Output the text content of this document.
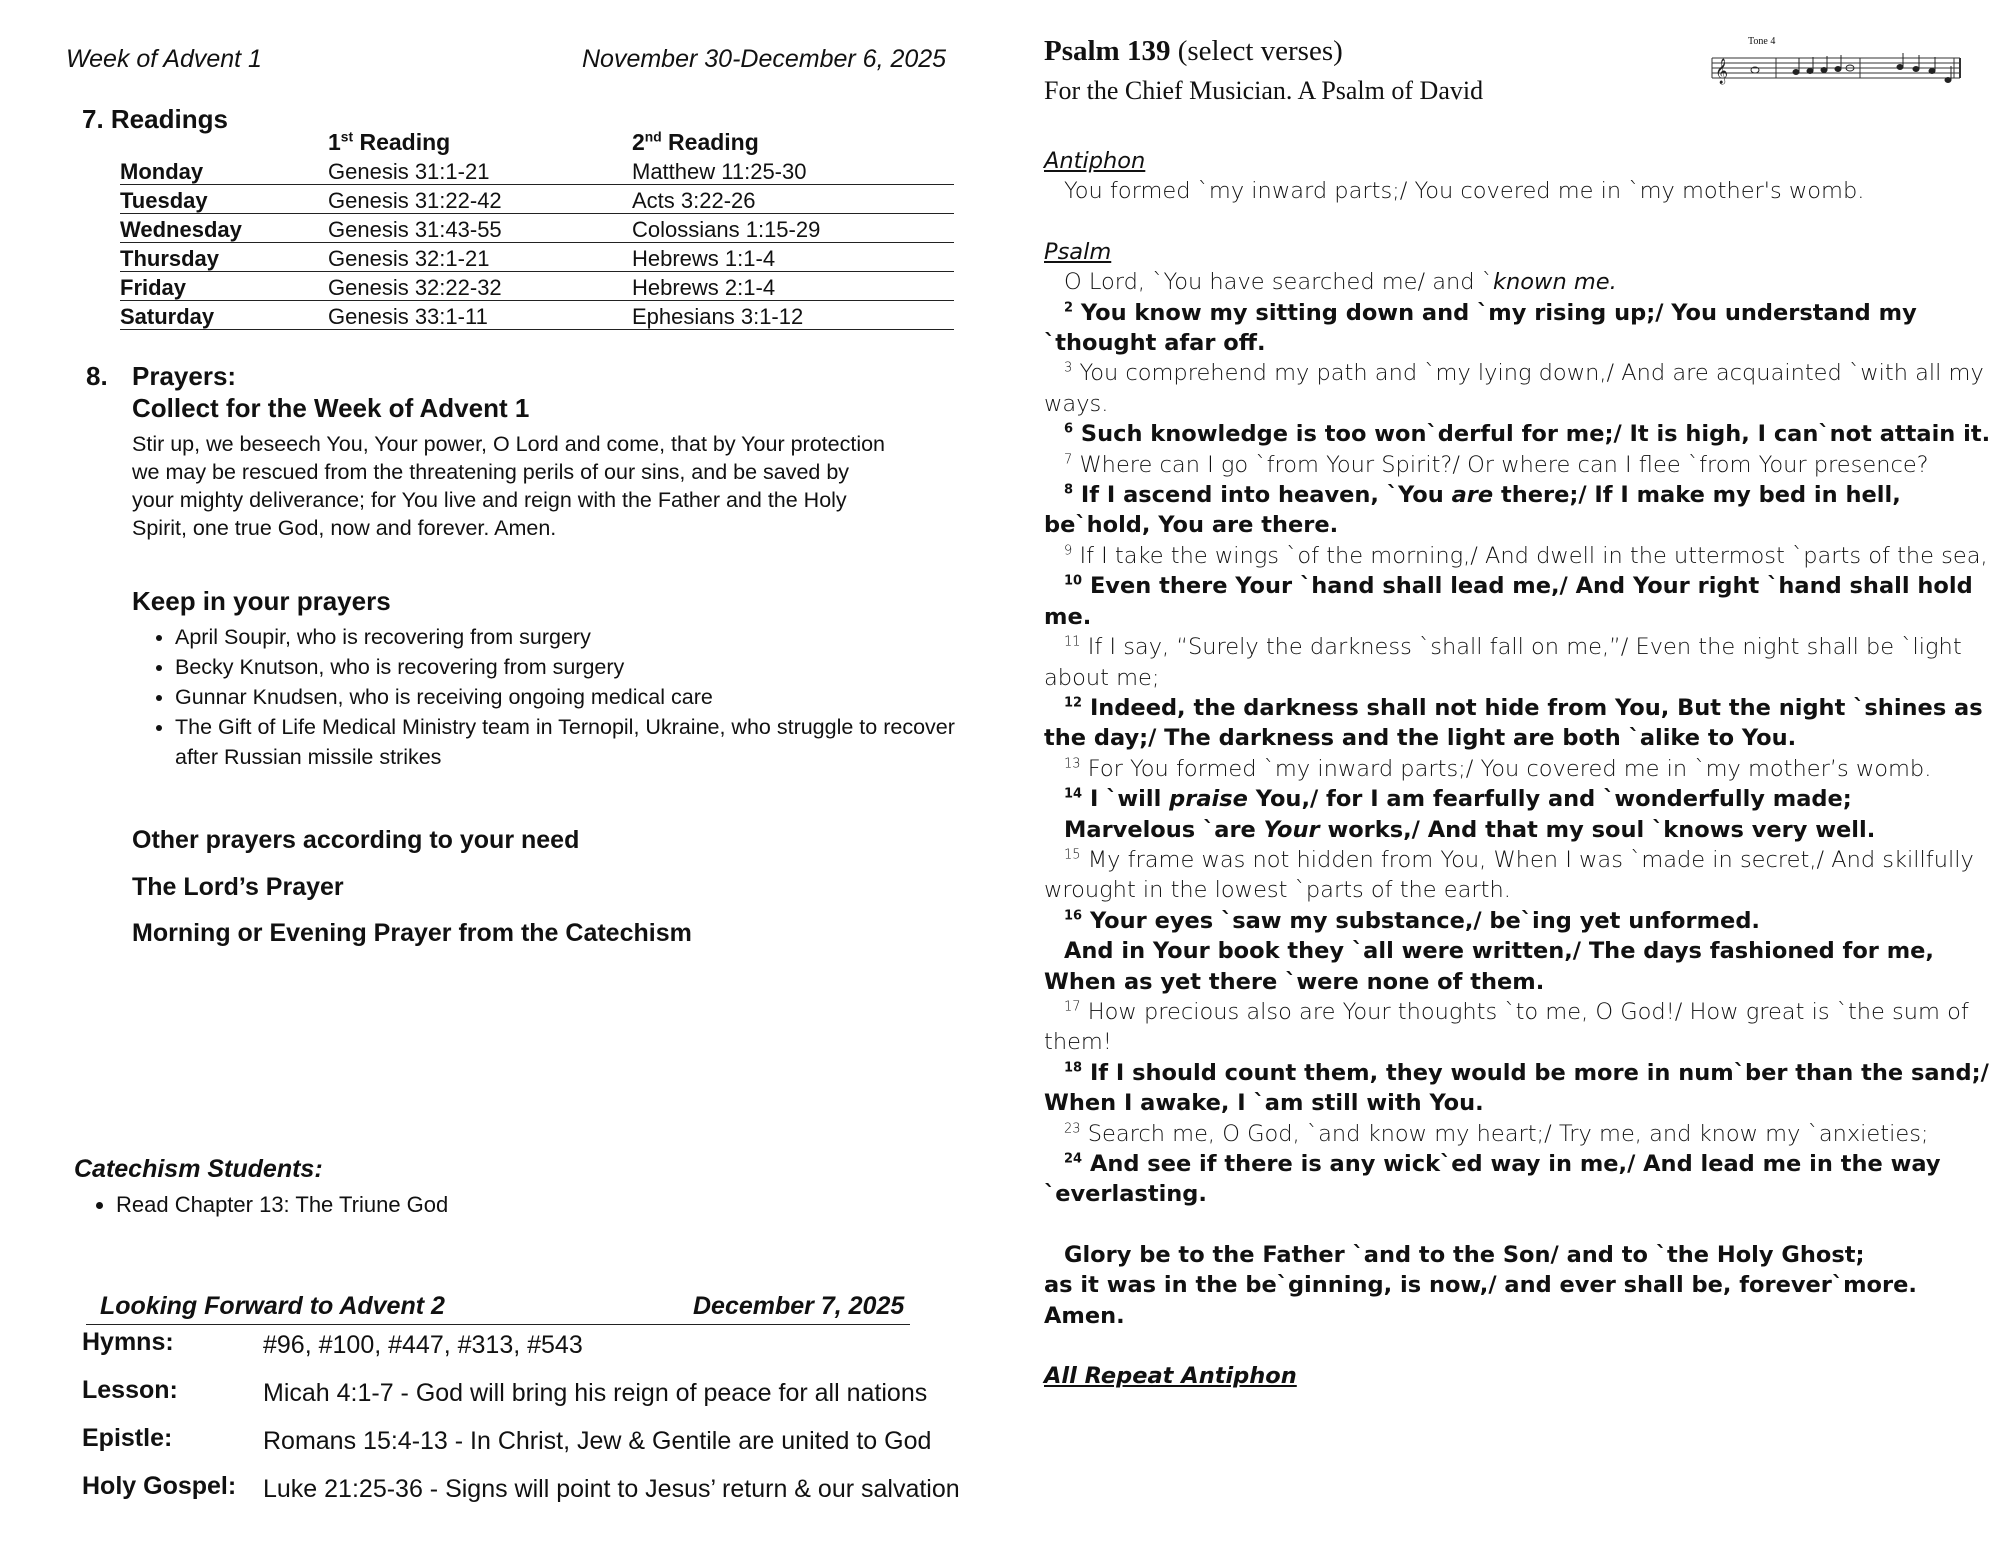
Week of Advent 1	November 30-December 6, 2025
7. Readings
	1st Reading	2nd Reading
Monday	Genesis 31:1-21	Matthew 11:25-30
Tuesday	Genesis 31:22-42	Acts 3:22-26
Wednesday	Genesis 31:43-55	Colossians 1:15-29
Thursday	Genesis 32:1-21	Hebrews 1:1-4
Friday	Genesis 32:22-32	Hebrews 2:1-4
Saturday	Genesis 33:1-11	Ephesians 3:1-12
8. Prayers:
Collect for the Week of Advent 1
Stir up, we beseech You, Your power, O Lord and come, that by Your protection
we may be rescued from the threatening perils of our sins, and be saved by
your mighty deliverance; for You live and reign with the Father and the Holy
Spirit, one true God, now and forever. Amen.
Keep in your prayers
• April Soupir, who is recovering from surgery
• Becky Knutson, who is recovering from surgery
• Gunnar Knudsen, who is receiving ongoing medical care
• The Gift of Life Medical Ministry team in Ternopil, Ukraine, who struggle to recover after Russian missile strikes
Other prayers according to your need
The Lord’s Prayer
Morning or Evening Prayer from the Catechism
Catechism Students:
• Read Chapter 13: The Triune God
Looking Forward to Advent 2	December 7, 2025
Hymns:	#96, #100, #447, #313, #543
Lesson:	Micah 4:1-7 - God will bring his reign of peace for all nations
Epistle:	Romans 15:4-13 - In Christ, Jew & Gentile are united to God
Holy Gospel: Luke 21:25-36 - Signs will point to Jesus’ return & our salvation
Psalm 139 (select verses)
For the Chief Musician. A Psalm of David
Tone 4
𝄞

Antiphon

You formed `my inward parts;/ You covered me in `my mother's womb.

Psalm

O Lord, `You have searched me/ and `known me.

$^2$ You know my sitting down and `my rising up;/ You understand my `thought afar off.

$^3$ You comprehend my path and `my lying down,/ And are acquainted `with all my ways.

$^6$ Such knowledge is too won`derful for me;/ It is high, I can`not attain it.

$^7$ Where can I go `from Your Spirit?/ Or where can I flee `from Your presence?

$^8$ If I ascend into heaven, `You are there;/ If I make my bed in hell, be`hold, You are there.

$^9$ If I take the wings `of the morning,/ And dwell in the uttermost `parts of the sea,

$^{10}$ Even there Your `hand shall lead me,/ And Your right `hand shall hold me.

$^{11}$ If I say, “Surely the darkness `shall fall on me,”/ Even the night shall be `light about me;

$^{12}$ Indeed, the darkness shall not hide from You, But the night `shines as the day;/ The darkness and the light are both `alike to You.

$^{13}$ For You formed `my inward parts;/ You covered me in `my mother’s womb.

$^{14}$ I `will praise You,/ for I am fearfully and `wonderfully made;

Marvelous `are Your works,/ And that my soul `knows very well.

$^{15}$ My frame was not hidden from You, When I was `made in secret,/ And skillfully wrought in the lowest `parts of the earth.

$^{16}$ Your eyes `saw my substance,/ be`ing yet unformed.

And in Your book they `all were written,/ The days fashioned for me, When as yet there `were none of them.

$^{17}$ How precious also are Your thoughts `to me, O God!/ How great is `the sum of them!

$^{18}$ If I should count them, they would be more in num`ber than the sand;/ When I awake, I `am still with You.

$^{23}$ Search me, O God, `and know my heart;/ Try me, and know my `anxieties;

$^{24}$ And see if there is any wick`ed way in me,/ And lead me in the way `everlasting.

Glory be to the Father `and to the Son/ and to `the Holy Ghost;

as it was in the be`ginning, is now,/ and ever shall be, forever`more. Amen.

All Repeat Antiphon
